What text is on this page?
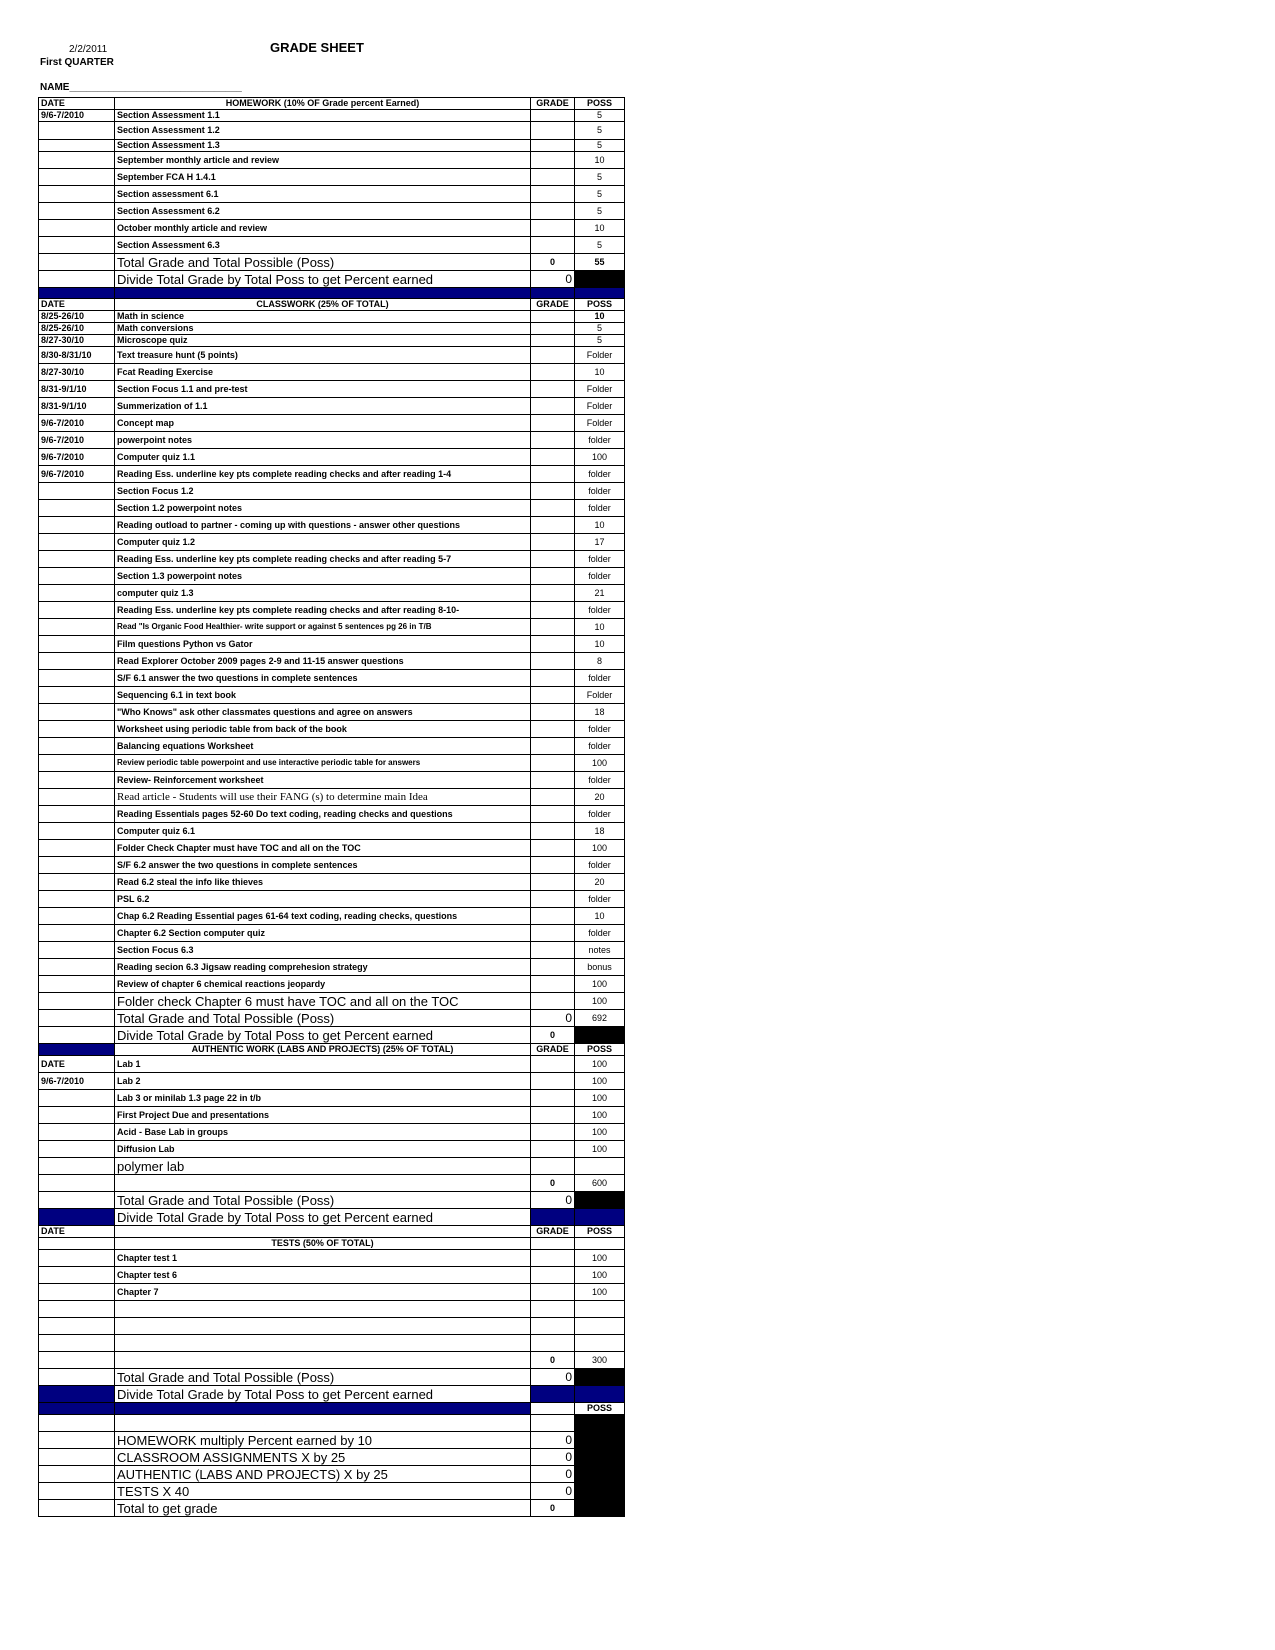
2/2/2011
First QUARTER
GRADE SHEET
NAME_______________________________
DATE	HOMEWORK (10% OF Grade percent Earned)	GRADE	POSS
9/6-7/2010	Section Assessment 1.1		5
	Section Assessment 1.2		5
	Section Assessment 1.3		5
	September monthly article and review		10
	September FCA H 1.4.1		5
	Section assessment 6.1		5
	Section Assessment 6.2		5
	October monthly article and review		10
	Section Assessment 6.3		5
	Total Grade and Total Possible (Poss)	0	55
	Divide Total Grade by Total Poss to get Percent earned	0	

DATE	CLASSWORK (25% OF TOTAL)	GRADE	POSS
8/25-26/10	Math in science		10
8/25-26/10	Math conversions		5
8/27-30/10	Microscope quiz		5
8/30-8/31/10	Text treasure hunt (5 points)		Folder
8/27-30/10	Fcat Reading Exercise		10
8/31-9/1/10	Section Focus 1.1 and pre-test		Folder
8/31-9/1/10	Summerization of 1.1		Folder
9/6-7/2010	Concept map		Folder
9/6-7/2010	powerpoint notes		folder
9/6-7/2010	Computer quiz 1.1		100
9/6-7/2010	Reading Ess. underline key pts complete reading checks and after reading 1-4		folder
	Section Focus 1.2		folder
	Section 1.2 powerpoint notes		folder
	Reading outload to partner - coming up with questions - answer other questions		10
	Computer quiz 1.2		17
	Reading Ess. underline key pts complete reading checks and after reading 5-7		folder
	Section 1.3 powerpoint notes		folder
	computer quiz 1.3		21
	Reading Ess. underline key pts complete reading checks and after reading 8-10-		folder
	Read "Is Organic Food Healthier- write support or against 5 sentences pg 26 in T/B		10
	Film questions Python vs Gator		10
	Read Explorer October 2009 pages 2-9 and 11-15 answer questions		8
	S/F 6.1 answer the two questions in complete sentences		folder
	Sequencing 6.1 in text book		Folder
	"Who Knows" ask other classmates questions and agree on answers		18
	Worksheet using periodic table from back of the book		folder
	Balancing equations Worksheet		folder
	Review periodic table powerpoint and use interactive periodic table for answers		100
	Review- Reinforcement worksheet		folder
	Read article - Students will use their FANG (s) to determine main Idea		20
	Reading Essentials pages 52-60 Do text coding, reading checks and questions		folder
	Computer quiz 6.1		18
	Folder Check Chapter must have TOC and all on the TOC		100
	S/F 6.2 answer the two questions in complete sentences		folder
	Read 6.2 steal the info like thieves		20
	PSL 6.2		folder
	Chap 6.2 Reading Essential pages 61-64 text coding, reading checks, questions		10
	Chapter 6.2 Section computer quiz		folder
	Section Focus 6.3		notes
	Reading secion 6.3 Jigsaw reading comprehesion strategy		bonus
	Review of chapter 6 chemical reactions jeopardy		100
	Folder check Chapter 6 must have TOC and all on the TOC		100
	Total Grade and Total Possible (Poss)	0	692
	Divide Total Grade by Total Poss to get Percent earned	0	
	AUTHENTIC WORK (LABS AND PROJECTS) (25% OF TOTAL)	GRADE	POSS
DATE	Lab 1		100
9/6-7/2010	Lab 2		100
	Lab 3 or minilab 1.3 page 22 in t/b		100
	First Project Due and presentations		100
	Acid - Base Lab in groups		100
	Diffusion Lab		100
	polymer lab		
		0	600
	Total Grade and Total Possible (Poss)	0	
	Divide Total Grade by Total Poss to get Percent earned		
DATE		GRADE	POSS
	TESTS (50% OF TOTAL)		
	Chapter test 1		100
	Chapter test 6		100
	Chapter 7		100

		0	300
	Total Grade and Total Possible (Poss)	0	
	Divide Total Grade by Total Poss to get Percent earned		
			POSS

	HOMEWORK multiply Percent earned by 10	0	
	CLASSROOM ASSIGNMENTS X by 25	0	
	AUTHENTIC (LABS AND PROJECTS) X by 25	0	
	TESTS X 40	0	
	Total to get grade	0	
